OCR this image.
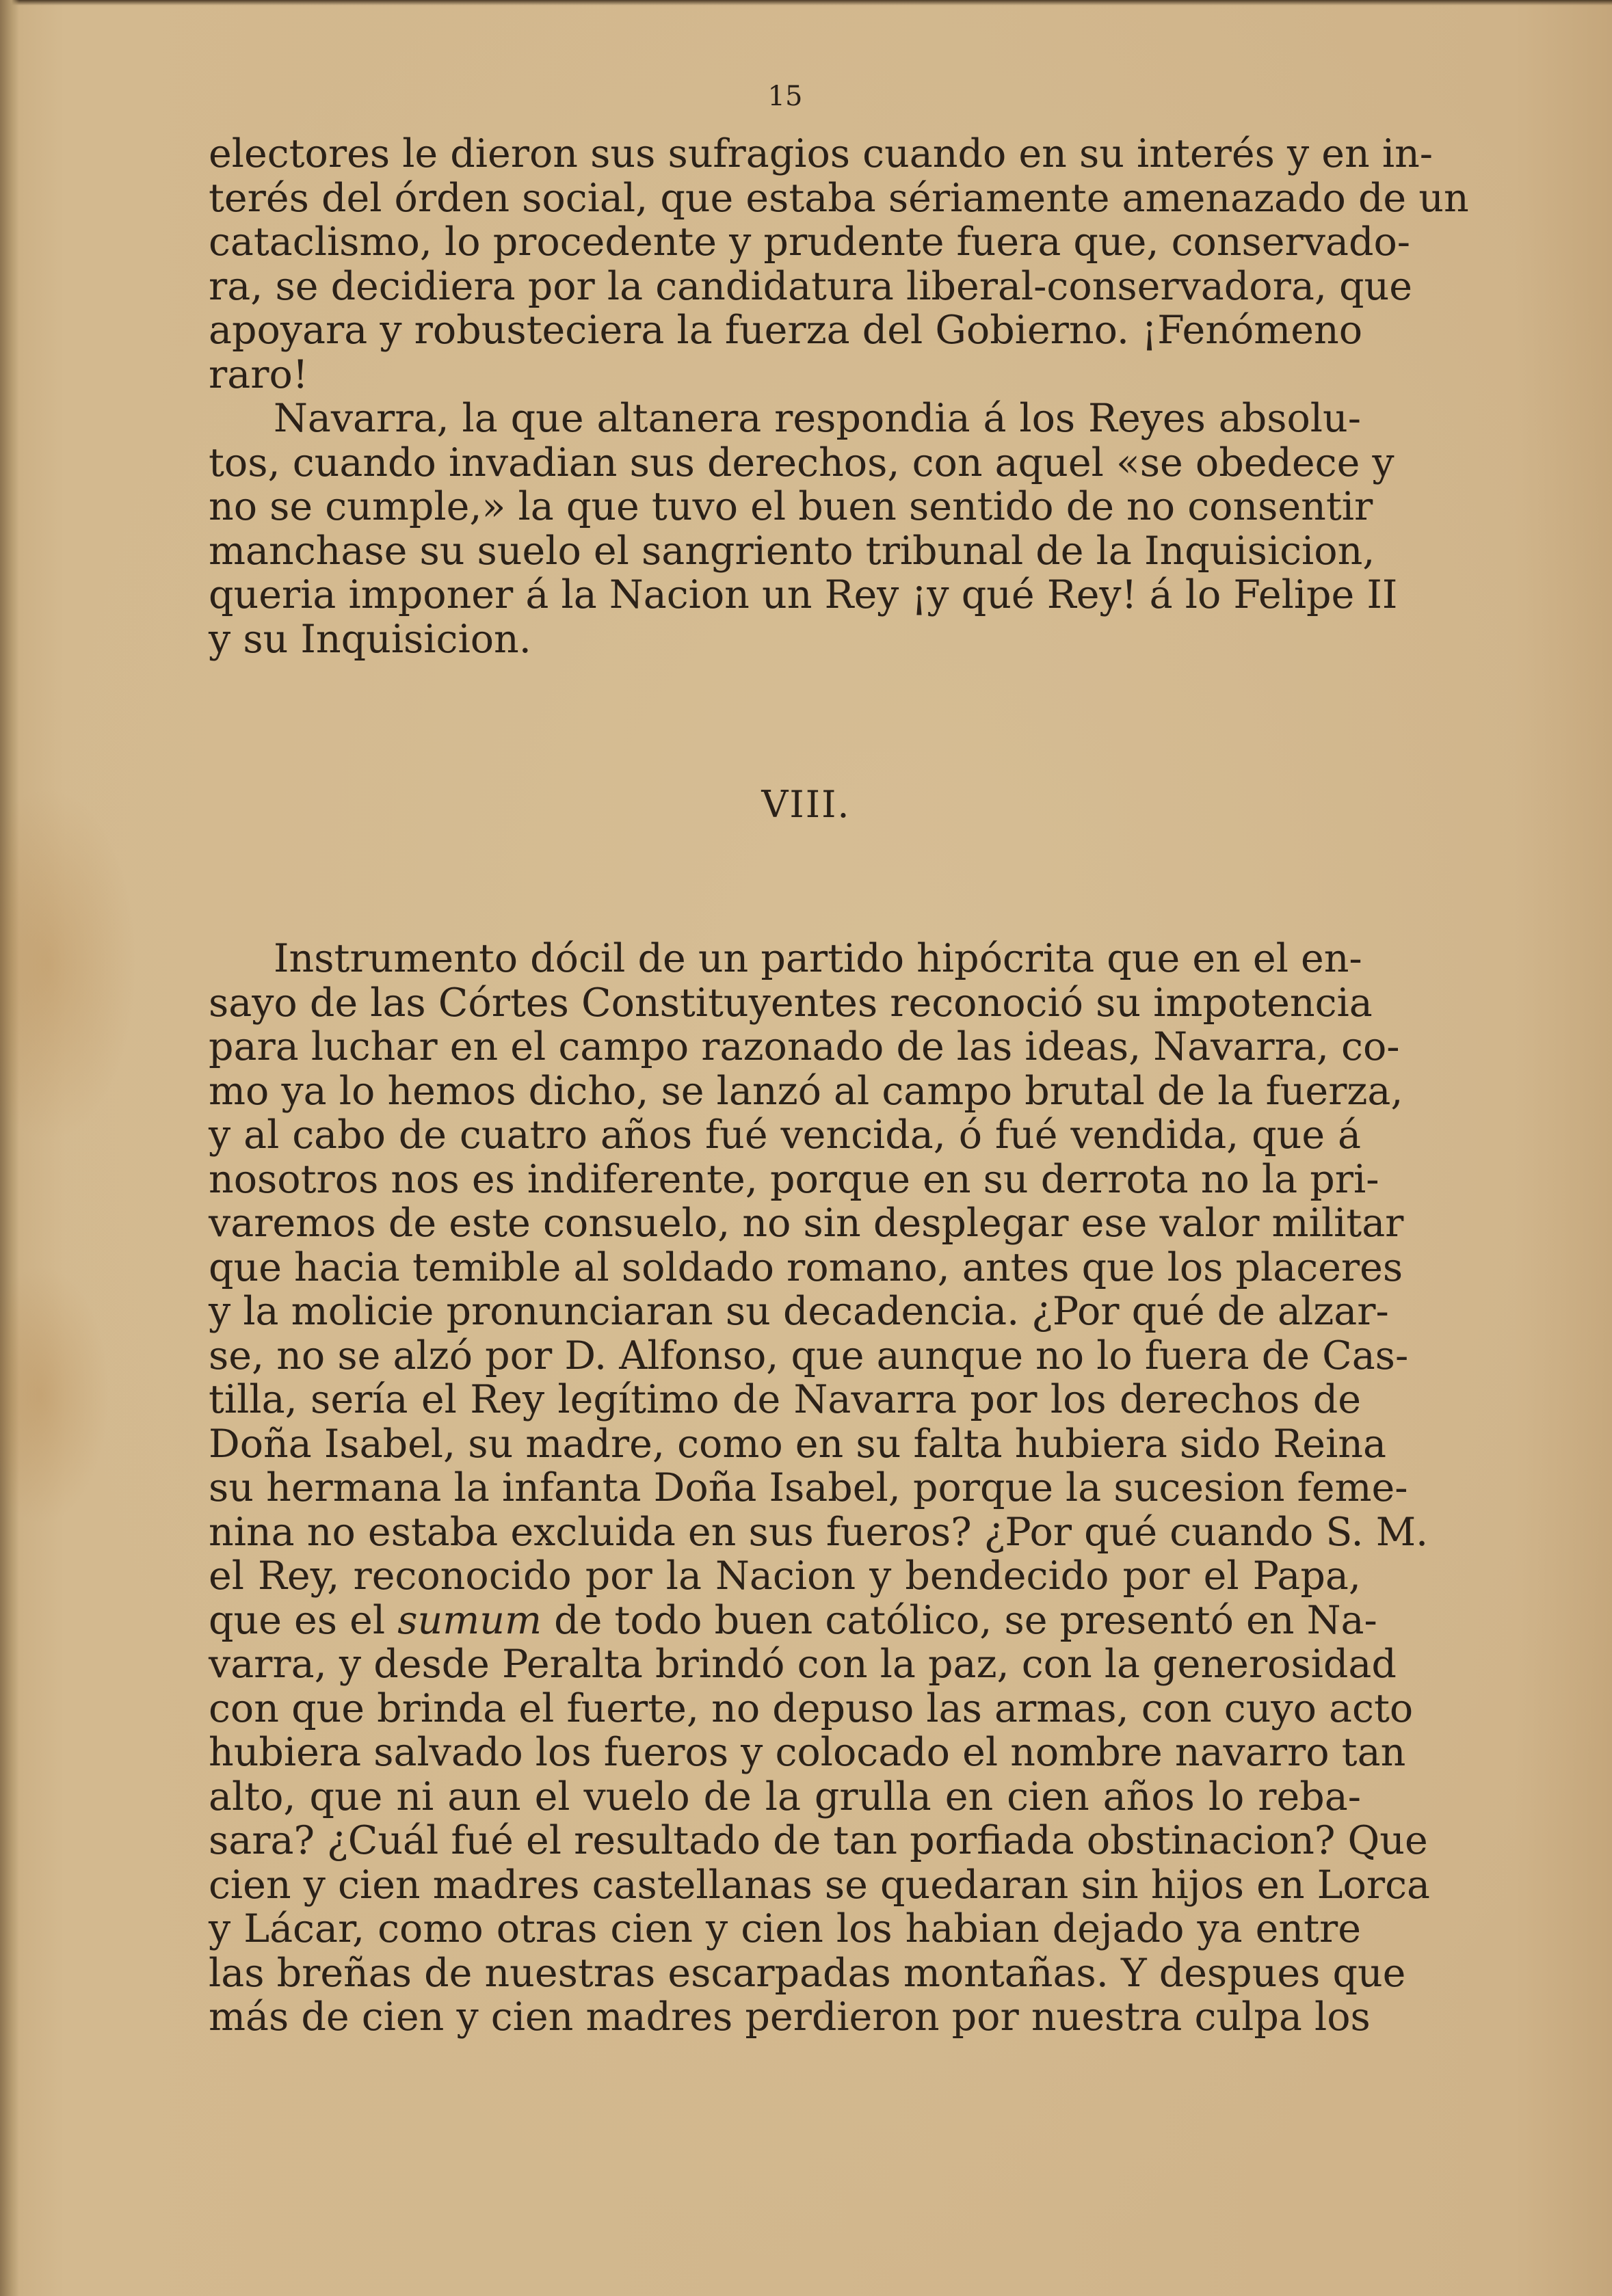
15
electores le dieron sus sufragios cuando en su interés y en in-
terés del órden social, que estaba sériamente amenazado de un
cataclismo, lo procedente y prudente fuera que, conservado-
ra, se decidiera por la candidatura liberal-conservadora, que
apoyara y robusteciera la fuerza del Gobierno. ¡Fenómeno
raro!
Navarra, la que altanera respondia á los Reyes absolu-
tos, cuando invadian sus derechos, con aquel «se obedece y
no se cumple,» la que tuvo el buen sentido de no consentir
manchase su suelo el sangriento tribunal de la Inquisicion,
queria imponer á la Nacion un Rey ¡y qué Rey! á lo Felipe II
y su Inquisicion.
VIII.
Instrumento dócil de un partido hipócrita que en el en-
sayo de las Córtes Constituyentes reconoció su impotencia
para luchar en el campo razonado de las ideas, Navarra, co-
mo ya lo hemos dicho, se lanzó al campo brutal de la fuerza,
y al cabo de cuatro años fué vencida, ó fué vendida, que á
nosotros nos es indiferente, porque en su derrota no la pri-
varemos de este consuelo, no sin desplegar ese valor militar
que hacia temible al soldado romano, antes que los placeres
y la molicie pronunciaran su decadencia. ¿Por qué de alzar-
se, no se alzó por D. Alfonso, que aunque no lo fuera de Cas-
tilla, sería el Rey legítimo de Navarra por los derechos de
Doña Isabel, su madre, como en su falta hubiera sido Reina
su hermana la infanta Doña Isabel, porque la sucesion feme-
nina no estaba excluida en sus fueros? ¿Por qué cuando S. M.
el Rey, reconocido por la Nacion y bendecido por el Papa,
que es el sumum de todo buen católico, se presentó en Na-
varra, y desde Peralta brindó con la paz, con la generosidad
con que brinda el fuerte, no depuso las armas, con cuyo acto
hubiera salvado los fueros y colocado el nombre navarro tan
alto, que ni aun el vuelo de la grulla en cien años lo reba-
sara? ¿Cuál fué el resultado de tan porfiada obstinacion? Que
cien y cien madres castellanas se quedaran sin hijos en Lorca
y Lácar, como otras cien y cien los habian dejado ya entre
las breñas de nuestras escarpadas montañas. Y despues que
más de cien y cien madres perdieron por nuestra culpa los
